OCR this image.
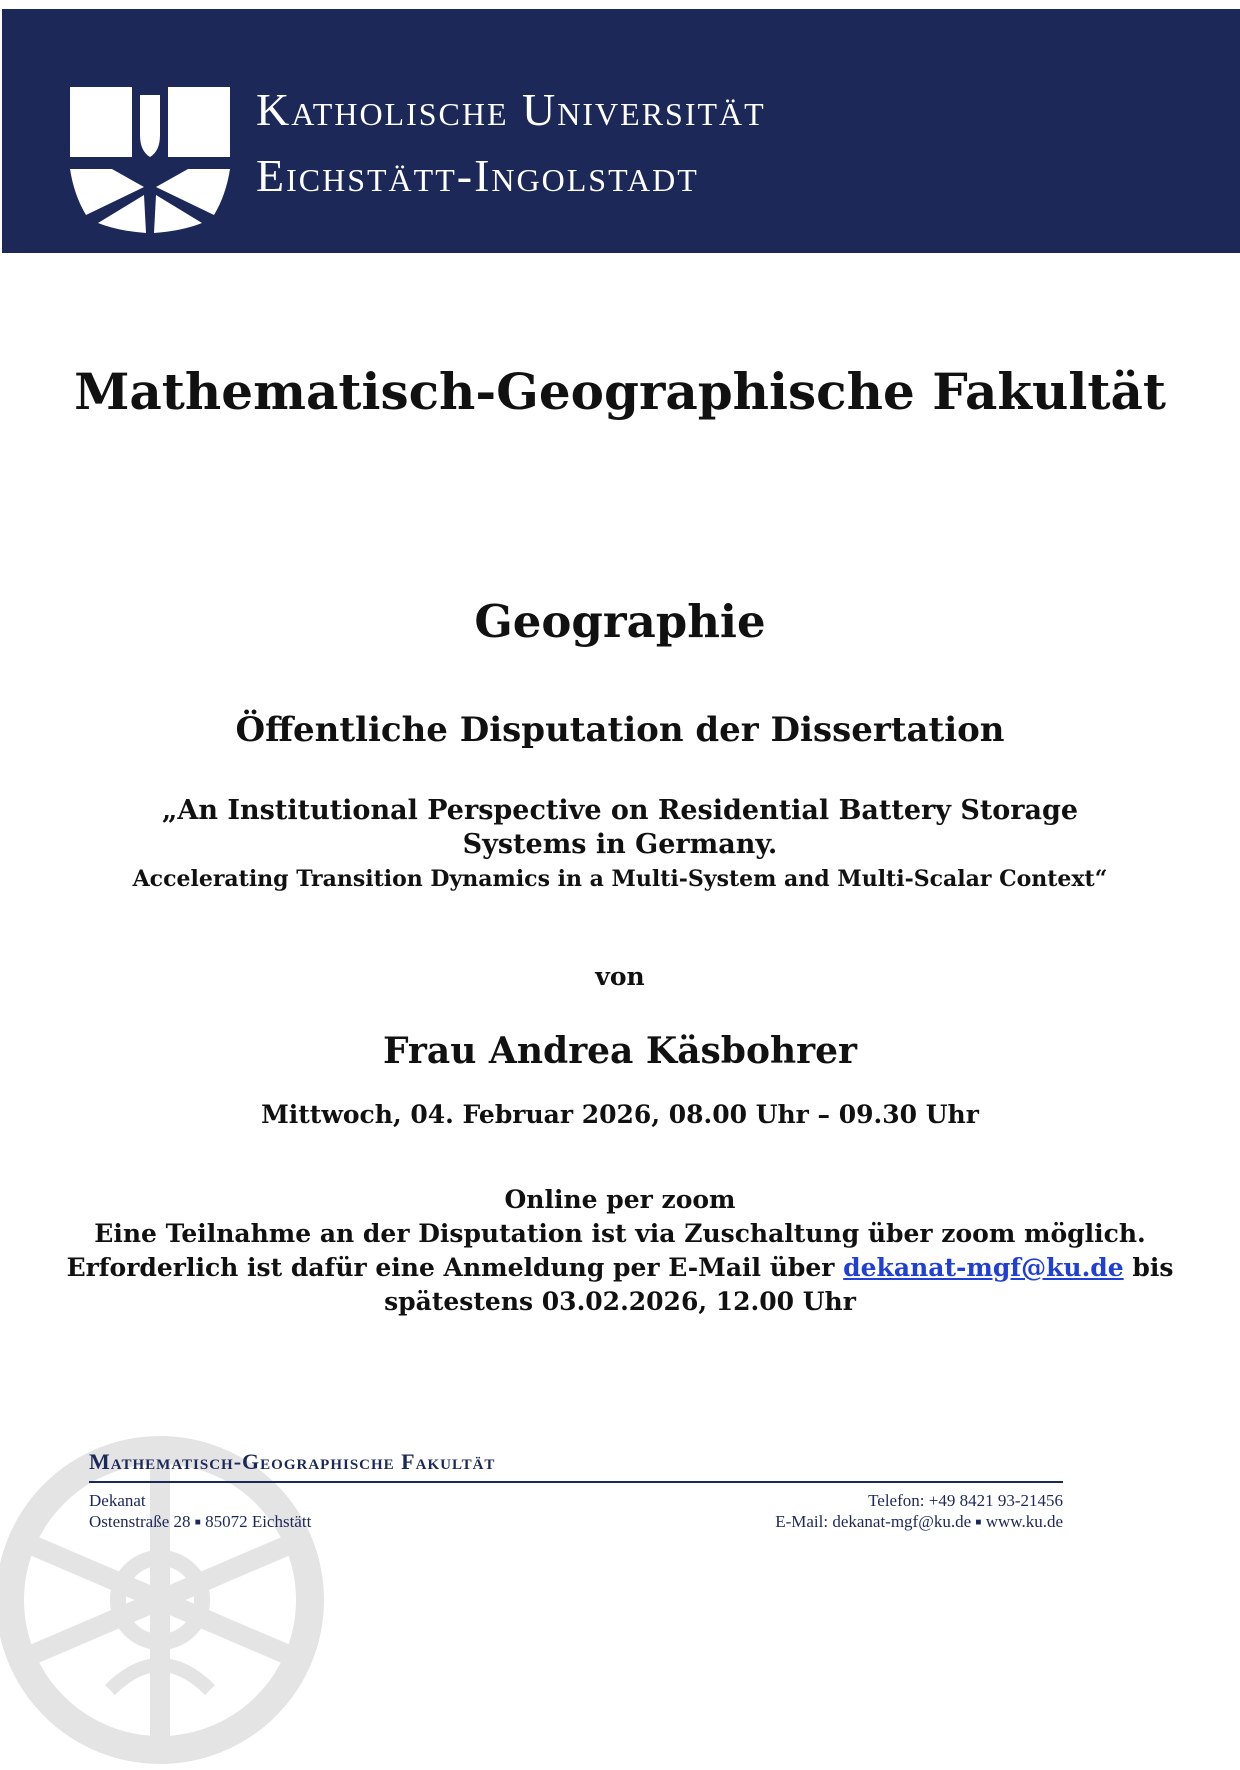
Katholische Universität
Eichstätt-Ingolstadt
Mathematisch-Geographische Fakultät
Geographie
Öffentliche Disputation der Dissertation

„An Institutional Perspective on Residential Battery Storage Systems in Germany.

Accelerating Transition Dynamics in a Multi-System and Multi-Scalar Context“

von

Frau Andrea Käsbohrer

Mittwoch, 04. Februar 2026, 08.00 Uhr – 09.30 Uhr

Online per zoom
Eine Teilnahme an der Disputation ist via Zuschaltung über zoom möglich.
Erforderlich ist dafür eine Anmeldung per E-Mail über dekanat-mgf@ku.de bis
spätestens 03.02.2026, 12.00 Uhr
Mathematisch-Geographische Fakultät
Dekanat
Ostenstraße 28 ■ 85072 Eichstätt
Telefon: +49 8421 93-21456
E-Mail: dekanat-mgf@ku.de ■ www.ku.de
